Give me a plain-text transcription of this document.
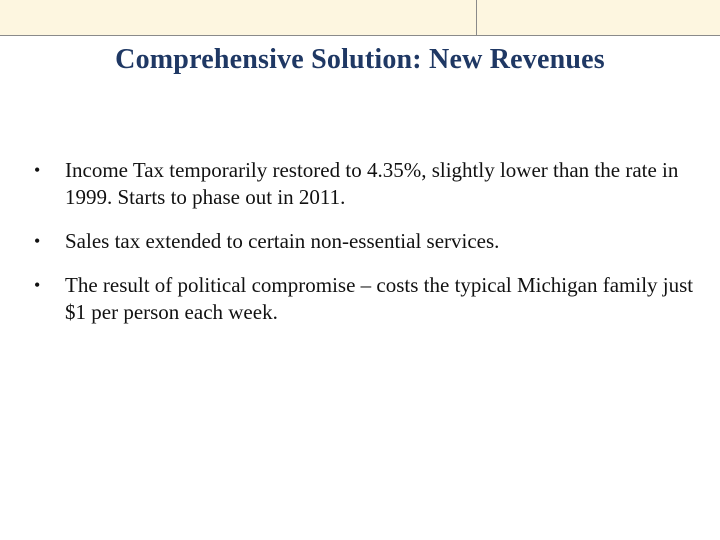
Comprehensive Solution: New Revenues
• Income Tax temporarily restored to 4.35%, slightly lower than the rate in 1999. Starts to phase out in 2011.
• Sales tax extended to certain non-essential services.
• The result of political compromise – costs the typical Michigan family just $1 per person each week.
